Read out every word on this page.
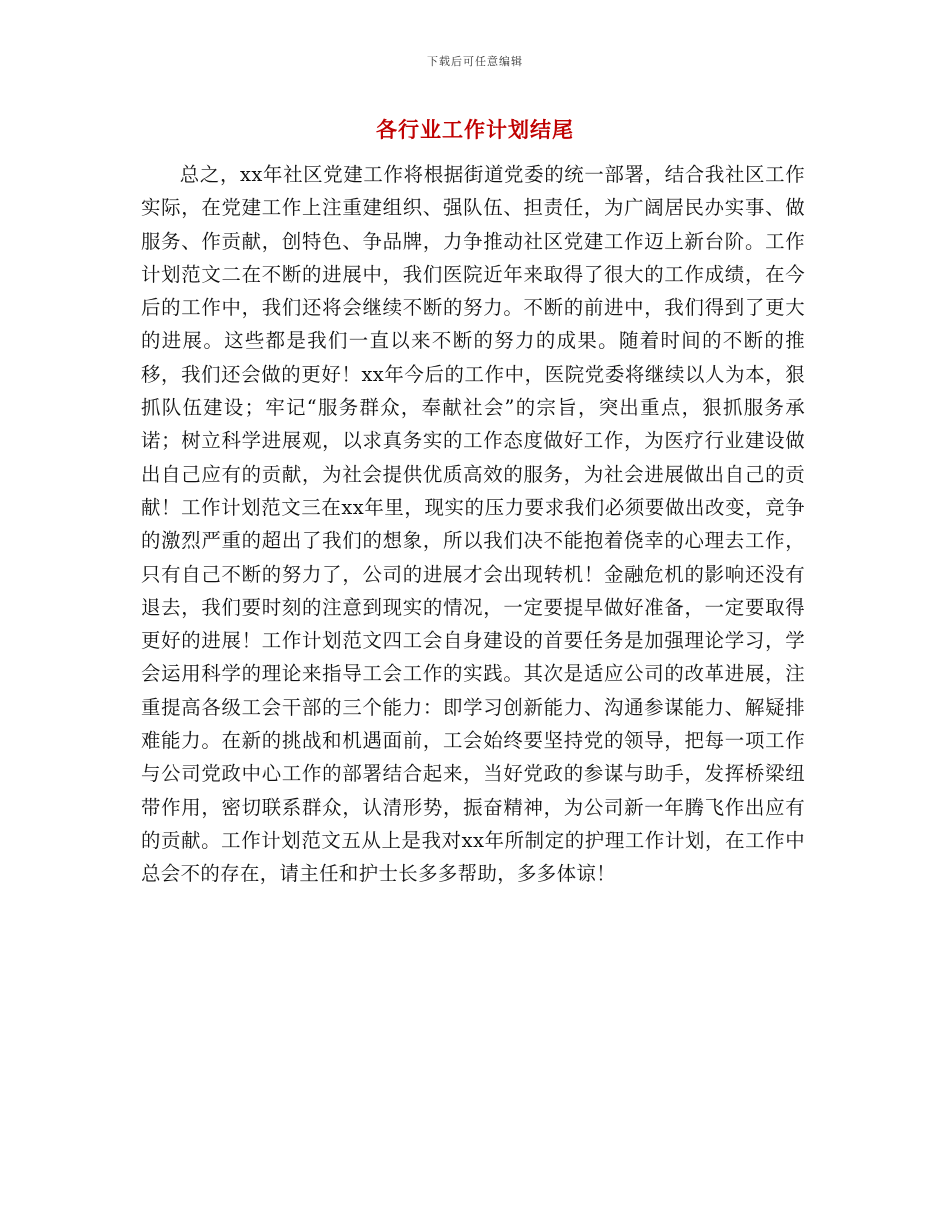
下载后可任意编辑
各行业工作计划结尾

总之，xx年社区党建工作将根据街道党委的统一部署，结合我社区工作实际，在党建工作上注重建组织、强队伍、担责任，为广阔居民办实事、做服务、作贡献，创特色、争品牌，力争推动社区党建工作迈上新台阶。工作计划范文二在不断的进展中，我们医院近年来取得了很大的工作成绩，在今后的工作中，我们还将会继续不断的努力。不断的前进中，我们得到了更大的进展。这些都是我们一直以来不断的努力的成果。随着时间的不断的推移，我们还会做的更好！xx年今后的工作中，医院党委将继续以人为本，狠抓队伍建设；牢记“服务群众，奉献社会”的宗旨，突出重点，狠抓服务承诺；树立科学进展观，以求真务实的工作态度做好工作，为医疗行业建设做出自己应有的贡献，为社会提供优质高效的服务，为社会进展做出自己的贡献！工作计划范文三在xx年里，现实的压力要求我们必须要做出改变，竞争的激烈严重的超出了我们的想象，所以我们决不能抱着侥幸的心理去工作，只有自己不断的努力了，公司的进展才会出现转机！金融危机的影响还没有退去，我们要时刻的注意到现实的情况，一定要提早做好准备，一定要取得更好的进展！工作计划范文四工会自身建设的首要任务是加强理论学习，学会运用科学的理论来指导工会工作的实践。其次是适应公司的改革进展，注重提高各级工会干部的三个能力：即学习创新能力、沟通参谋能力、解疑排难能力。在新的挑战和机遇面前，工会始终要坚持党的领导，把每一项工作与公司党政中心工作的部署结合起来，当好党政的参谋与助手，发挥桥梁纽带作用，密切联系群众，认清形势，振奋精神，为公司新一年腾飞作出应有的贡献。工作计划范文五从上是我对xx年所制定的护理工作计划，在工作中总会不的存在，请主任和护士长多多帮助，多多体谅！
